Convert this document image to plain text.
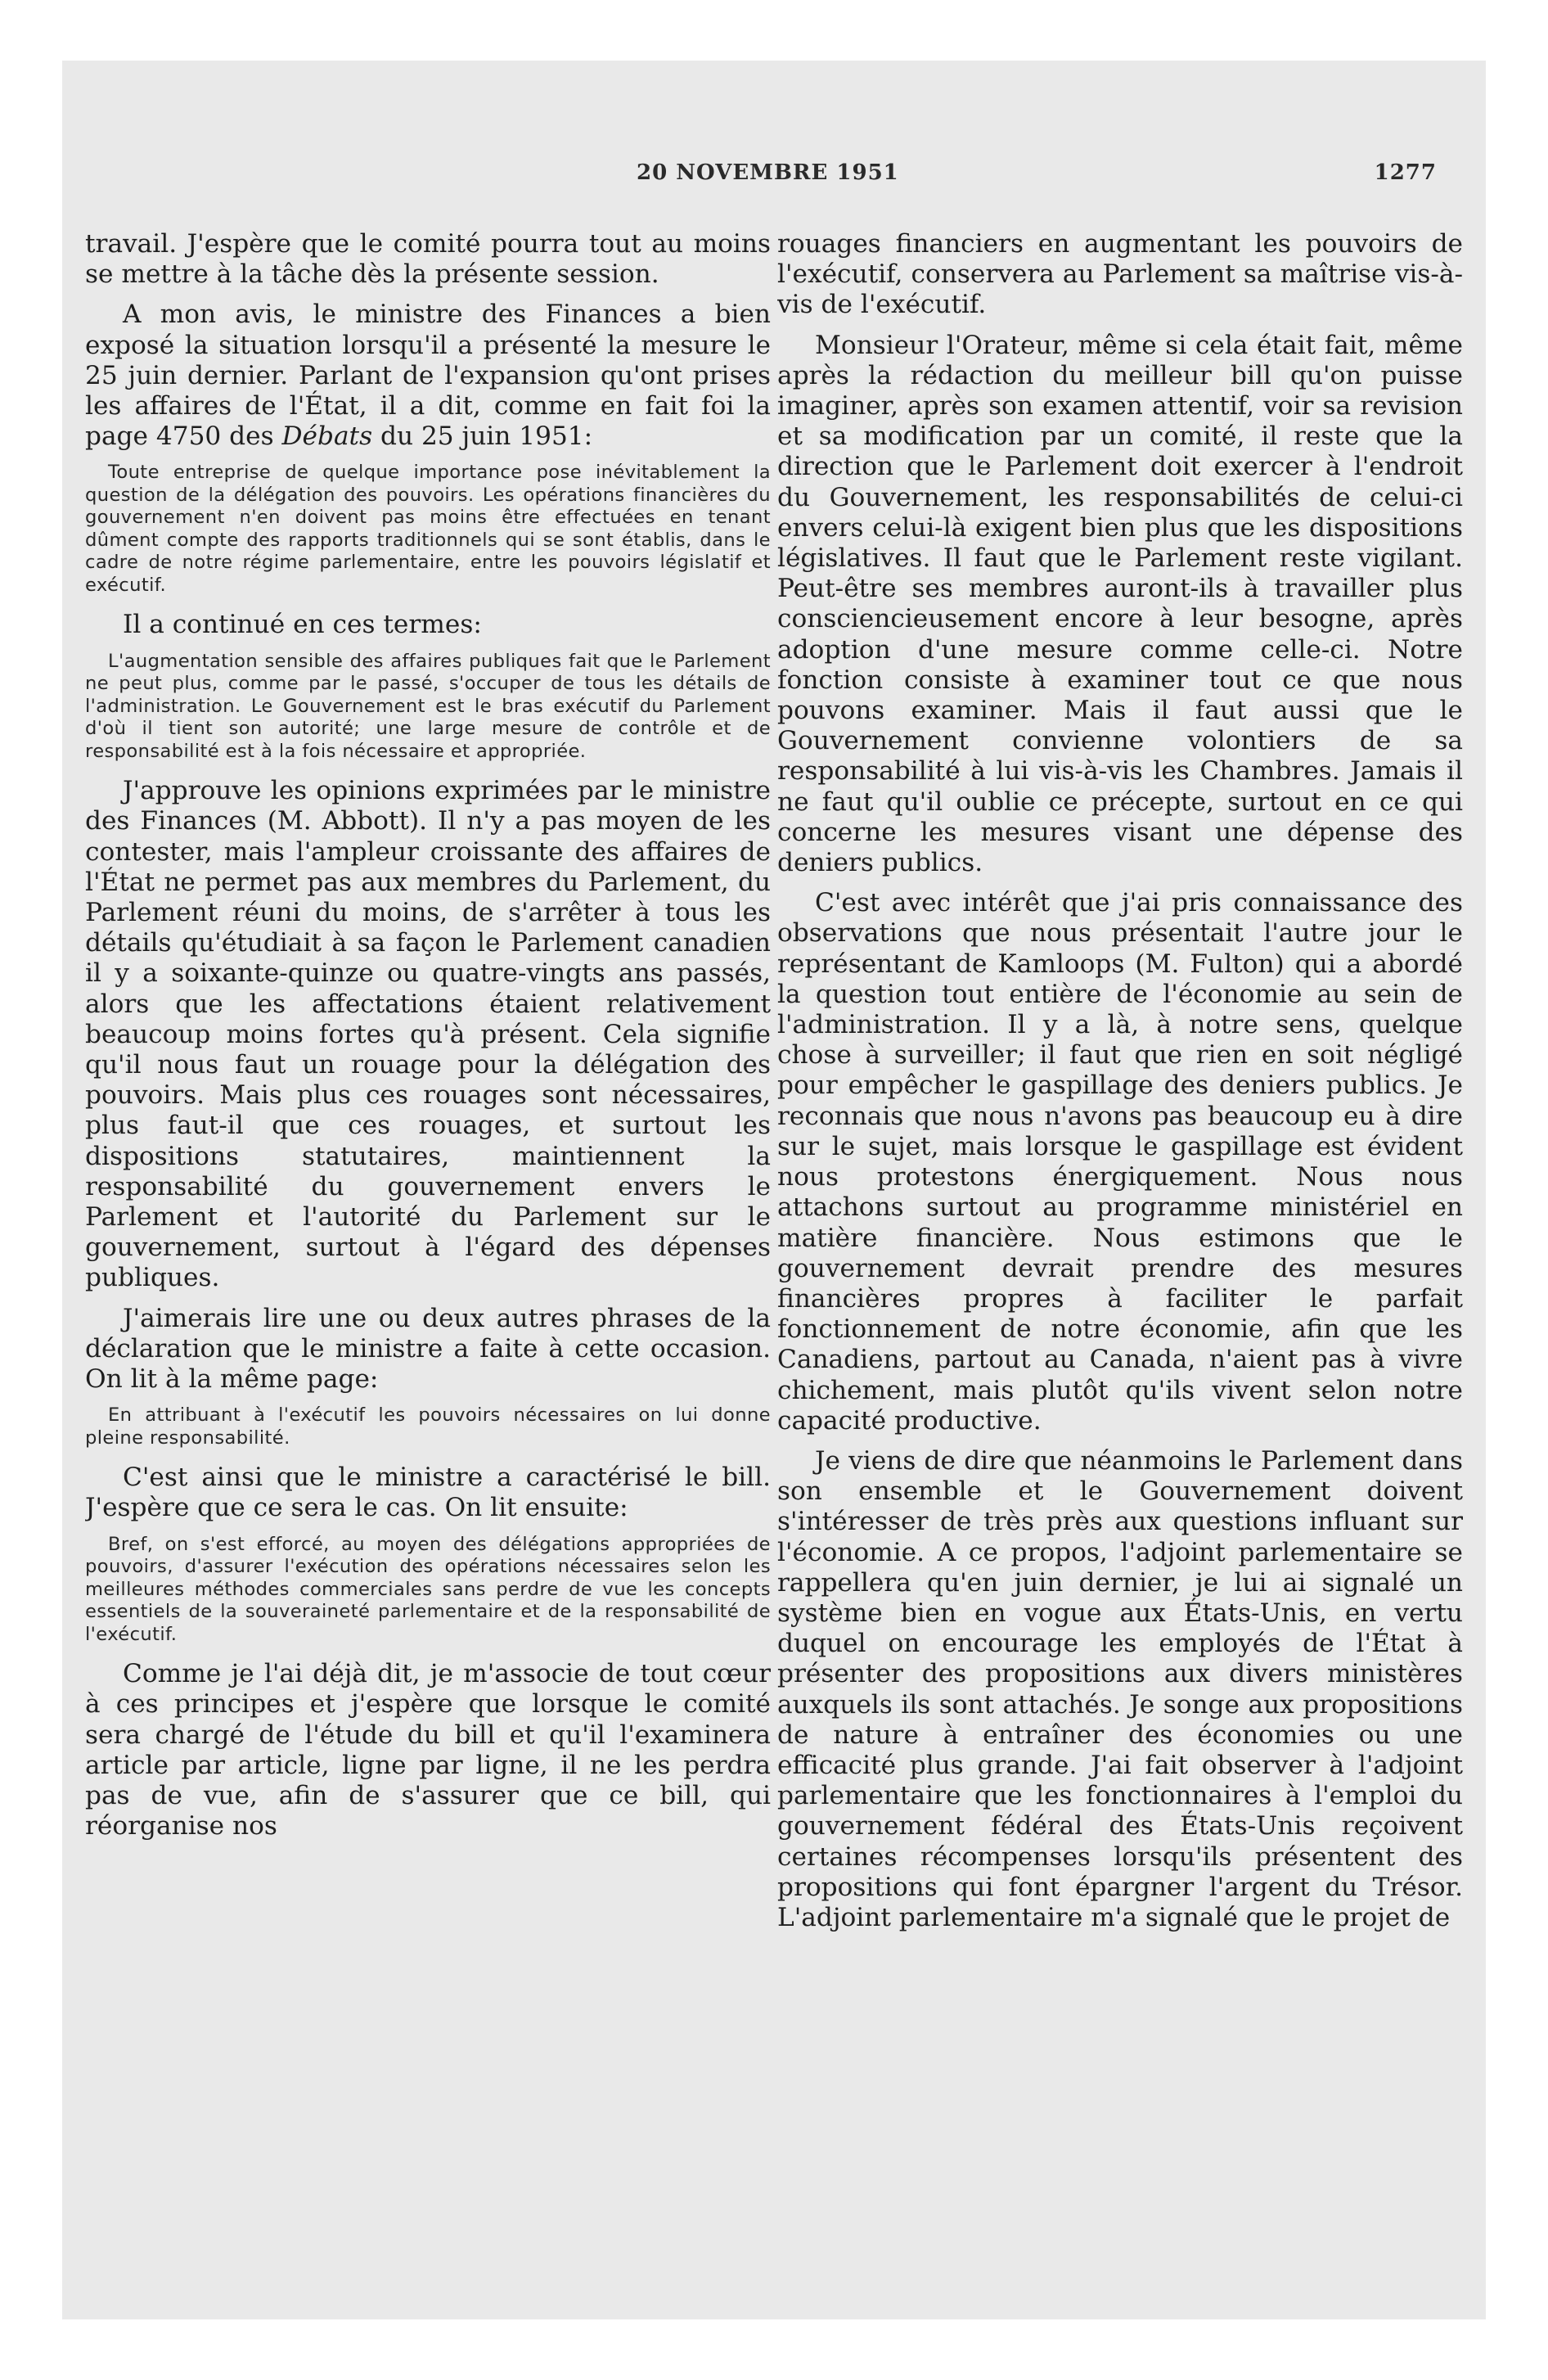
20 NOVEMBRE 1951	1277

travail. J'espère que le comité pourra tout au moins se mettre à la tâche dès la présente session.

A mon avis, le ministre des Finances a bien exposé la situation lorsqu'il a présenté la mesure le 25 juin dernier. Parlant de l'expansion qu'ont prises les affaires de l'État, il a dit, comme en fait foi la page 4750 des Débats du 25 juin 1951:

Toute entreprise de quelque importance pose inévitablement la question de la délégation des pouvoirs. Les opérations financières du gouvernement n'en doivent pas moins être effectuées en tenant dûment compte des rapports traditionnels qui se sont établis, dans le cadre de notre régime parlementaire, entre les pouvoirs législatif et exécutif.

Il a continué en ces termes:

L'augmentation sensible des affaires publiques fait que le Parlement ne peut plus, comme par le passé, s'occuper de tous les détails de l'administration. Le Gouvernement est le bras exécutif du Parlement d'où il tient son autorité; une large mesure de contrôle et de responsabilité est à la fois nécessaire et appropriée.

J'approuve les opinions exprimées par le ministre des Finances (M. Abbott). Il n'y a pas moyen de les contester, mais l'ampleur croissante des affaires de l'État ne permet pas aux membres du Parlement, du Parlement réuni du moins, de s'arrêter à tous les détails qu'étudiait à sa façon le Parlement canadien il y a soixante-quinze ou quatre-vingts ans passés, alors que les affectations étaient relativement beaucoup moins fortes qu'à présent. Cela signifie qu'il nous faut un rouage pour la délégation des pouvoirs. Mais plus ces rouages sont nécessaires, plus faut-il que ces rouages, et surtout les dispositions statutaires, maintiennent la responsabilité du gouvernement envers le Parlement et l'autorité du Parlement sur le gouvernement, surtout à l'égard des dépenses publiques.

J'aimerais lire une ou deux autres phrases de la déclaration que le ministre a faite à cette occasion. On lit à la même page:

En attribuant à l'exécutif les pouvoirs nécessaires on lui donne pleine responsabilité.

C'est ainsi que le ministre a caractérisé le bill. J'espère que ce sera le cas. On lit ensuite:

Bref, on s'est efforcé, au moyen des délégations appropriées de pouvoirs, d'assurer l'exécution des opérations nécessaires selon les meilleures méthodes commerciales sans perdre de vue les concepts essentiels de la souveraineté parlementaire et de la responsabilité de l'exécutif.

Comme je l'ai déjà dit, je m'associe de tout cœur à ces principes et j'espère que lorsque le comité sera chargé de l'étude du bill et qu'il l'examinera article par article, ligne par ligne, il ne les perdra pas de vue, afin de s'assurer que ce bill, qui réorganise nos

rouages financiers en augmentant les pouvoirs de l'exécutif, conservera au Parlement sa maîtrise vis-à-vis de l'exécutif.

Monsieur l'Orateur, même si cela était fait, même après la rédaction du meilleur bill qu'on puisse imaginer, après son examen attentif, voir sa revision et sa modification par un comité, il reste que la direction que le Parlement doit exercer à l'endroit du Gouvernement, les responsabilités de celui-ci envers celui-là exigent bien plus que les dispositions législatives. Il faut que le Parlement reste vigilant. Peut-être ses membres auront-ils à travailler plus consciencieusement encore à leur besogne, après adoption d'une mesure comme celle-ci. Notre fonction consiste à examiner tout ce que nous pouvons examiner. Mais il faut aussi que le Gouvernement convienne volontiers de sa responsabilité à lui vis-à-vis les Chambres. Jamais il ne faut qu'il oublie ce précepte, surtout en ce qui concerne les mesures visant une dépense des deniers publics.

C'est avec intérêt que j'ai pris connaissance des observations que nous présentait l'autre jour le représentant de Kamloops (M. Fulton) qui a abordé la question tout entière de l'économie au sein de l'administration. Il y a là, à notre sens, quelque chose à surveiller; il faut que rien en soit négligé pour empêcher le gaspillage des deniers publics. Je reconnais que nous n'avons pas beaucoup eu à dire sur le sujet, mais lorsque le gaspillage est évident nous protestons énergiquement. Nous nous attachons surtout au programme ministériel en matière financière. Nous estimons que le gouvernement devrait prendre des mesures financières propres à faciliter le parfait fonctionnement de notre économie, afin que les Canadiens, partout au Canada, n'aient pas à vivre chichement, mais plutôt qu'ils vivent selon notre capacité productive.

Je viens de dire que néanmoins le Parlement dans son ensemble et le Gouvernement doivent s'intéresser de très près aux questions influant sur l'économie. A ce propos, l'adjoint parlementaire se rappellera qu'en juin dernier, je lui ai signalé un système bien en vogue aux États-Unis, en vertu duquel on encourage les employés de l'État à présenter des propositions aux divers ministères auxquels ils sont attachés. Je songe aux propositions de nature à entraîner des économies ou une efficacité plus grande. J'ai fait observer à l'adjoint parlementaire que les fonctionnaires à l'emploi du gouvernement fédéral des États-Unis reçoivent certaines récompenses lorsqu'ils présentent des propositions qui font épargner l'argent du Trésor. L'adjoint parlementaire m'a signalé que le projet de
